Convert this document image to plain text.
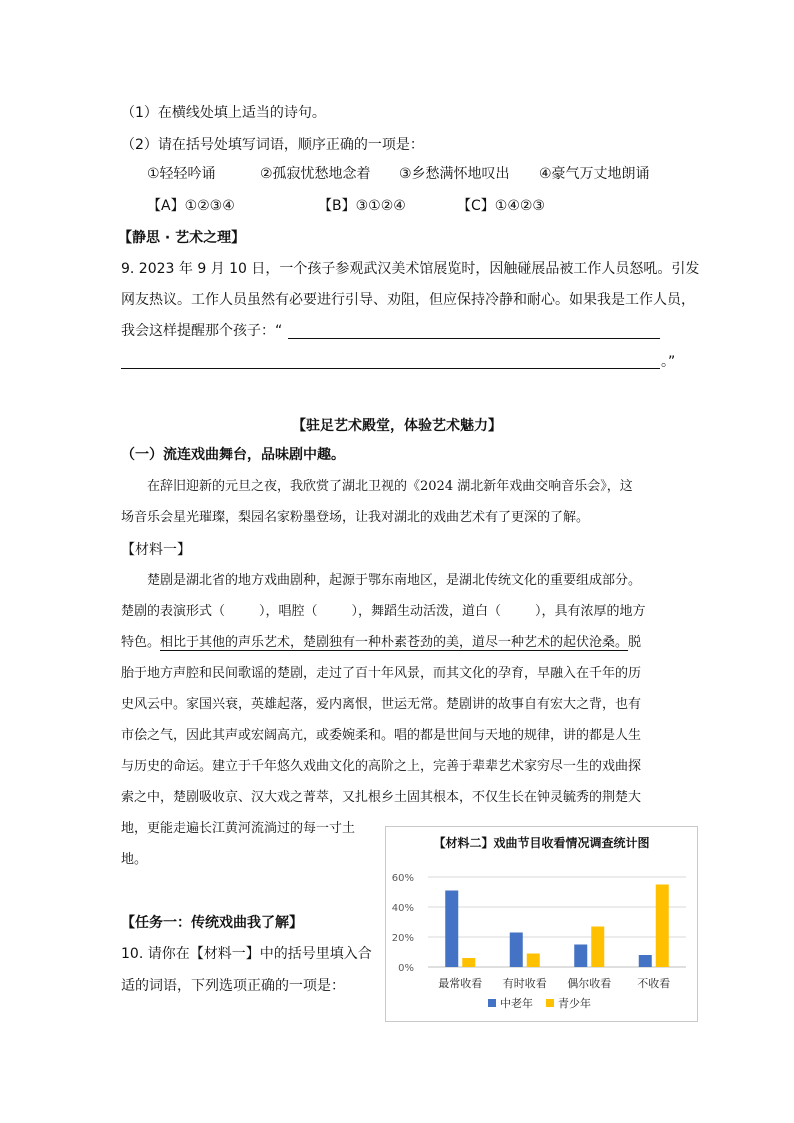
（1）在横线处填上适当的诗句。
（2）请在括号处填写词语，顺序正确的一项是：
①轻轻吟诵	②孤寂忧愁地念着 ③乡愁满怀地叹出 ④豪气万丈地朗诵
【A】①②③④	【B】③①②④	【C】①④②③
【静思 · 艺术之理】
9. 2023 年 9 月 10 日，一个孩子参观武汉美术馆展览时，因触碰展品被工作人员怒吼。引发
网友热议。工作人员虽然有必要进行引导、劝阻，但应保持冷静和耐心。如果我是工作人员，
我会这样提醒那个孩子：“
。”
【驻足艺术殿堂，体验艺术魅力】
（一）流连戏曲舞台，品味剧中趣。
在辞旧迎新的元旦之夜，我欣赏了湖北卫视的《2024 湖北新年戏曲交响音乐会》，这
场音乐会星光璀璨，梨园名家粉墨登场，让我对湖北的戏曲艺术有了更深的了解。
【材料一】
楚剧是湖北省的地方戏曲剧种，起源于鄂东南地区，是湖北传统文化的重要组成部分。
楚剧的表演形式（	），唱腔（	），舞蹈生动活泼，道白（	），具有浓厚的地方
特色。相比于其他的声乐艺术，楚剧独有一种朴素苍劲的美，道尽一种艺术的起伏沧桑。脱
胎于地方声腔和民间歌谣的楚剧，走过了百十年风景，而其文化的孕育，早融入在千年的历
史风云中。家国兴衰，英雄起落，爱内离恨，世运无常。楚剧讲的故事自有宏大之背，也有
市侩之气，因此其声或宏阔高亢，或委婉柔和。唱的都是世间与天地的规律，讲的都是人生
与历史的命运。建立于千年悠久戏曲文化的高阶之上，完善于辈辈艺术家穷尽一生的戏曲探
索之中，楚剧吸收京、汉大戏之菁萃，又扎根乡土固其根本，不仅生长在钟灵毓秀的荆楚大
地，更能走遍长江黄河流淌过的每一寸土
地。
【任务一：传统戏曲我了解】
10. 请你在【材料一】中的括号里填入合
适的词语，下列选项正确的一项是：
【材料二】戏曲节目收看情况调查统计图
0%
20%
40%
60%
最常收看 有时收看 偶尔收看 不收看
中老年 青少年
